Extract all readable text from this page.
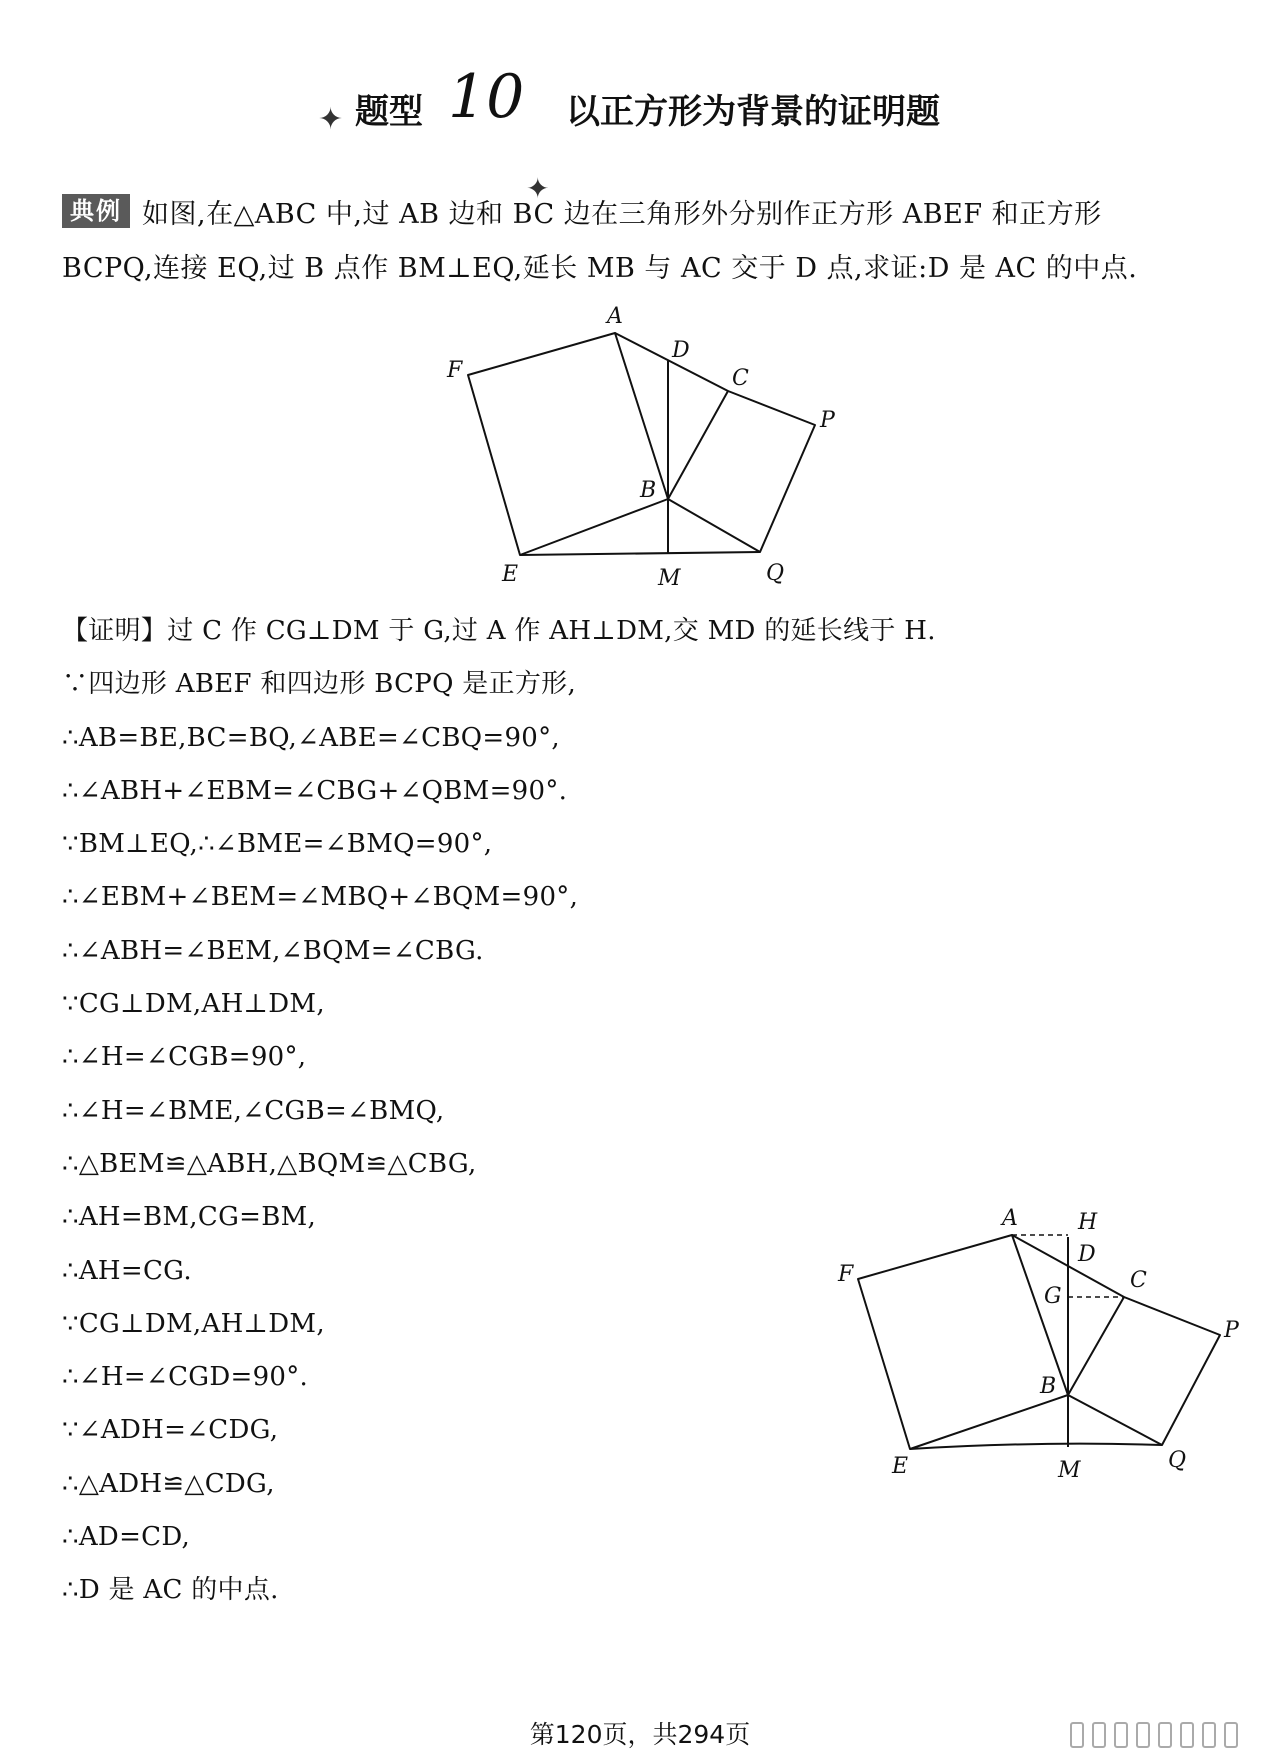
✦ 题型 10 以正方形为背景的证明题
✦
典例 如图,在△ABC 中,过 AB 边和 BC 边在三角形外分别作正方形 ABEF 和正方形
BCPQ,连接 EQ,过 B 点作 BM⊥EQ,延长 MB 与 AC 交于 D 点,求证:D 是 AC 的中点.
A
D
C
F
P
B
E	M	Q
【证明】过 C 作 CG⊥DM 于 G,过 A 作 AH⊥DM,交 MD 的延长线于 H.
∵四边形 ABEF 和四边形 BCPQ 是正方形,
∴AB=BE,BC=BQ,∠ABE=∠CBQ=90°,
∴∠ABH+∠EBM=∠CBG+∠QBM=90°.
∵BM⊥EQ,∴∠BME=∠BMQ=90°,
∴∠EBM+∠BEM=∠MBQ+∠BQM=90°,
∴∠ABH=∠BEM,∠BQM=∠CBG.
∵CG⊥DM,AH⊥DM,
∴∠H=∠CGB=90°,
∴∠H=∠BME,∠CGB=∠BMQ,
∴△BEM≌△ABH,△BQM≌△CBG,
∴AH=BM,CG=BM,
∴AH=CG.
∵CG⊥DM,AH⊥DM,
∴∠H=∠CGD=90°.
∵∠ADH=∠CDG,
∴△ADH≌△CDG,
∴AD=CD,
∴D 是 AC 的中点.
A	H
D
C
G
F
P
B
E	M	Q
第120页，共294页
